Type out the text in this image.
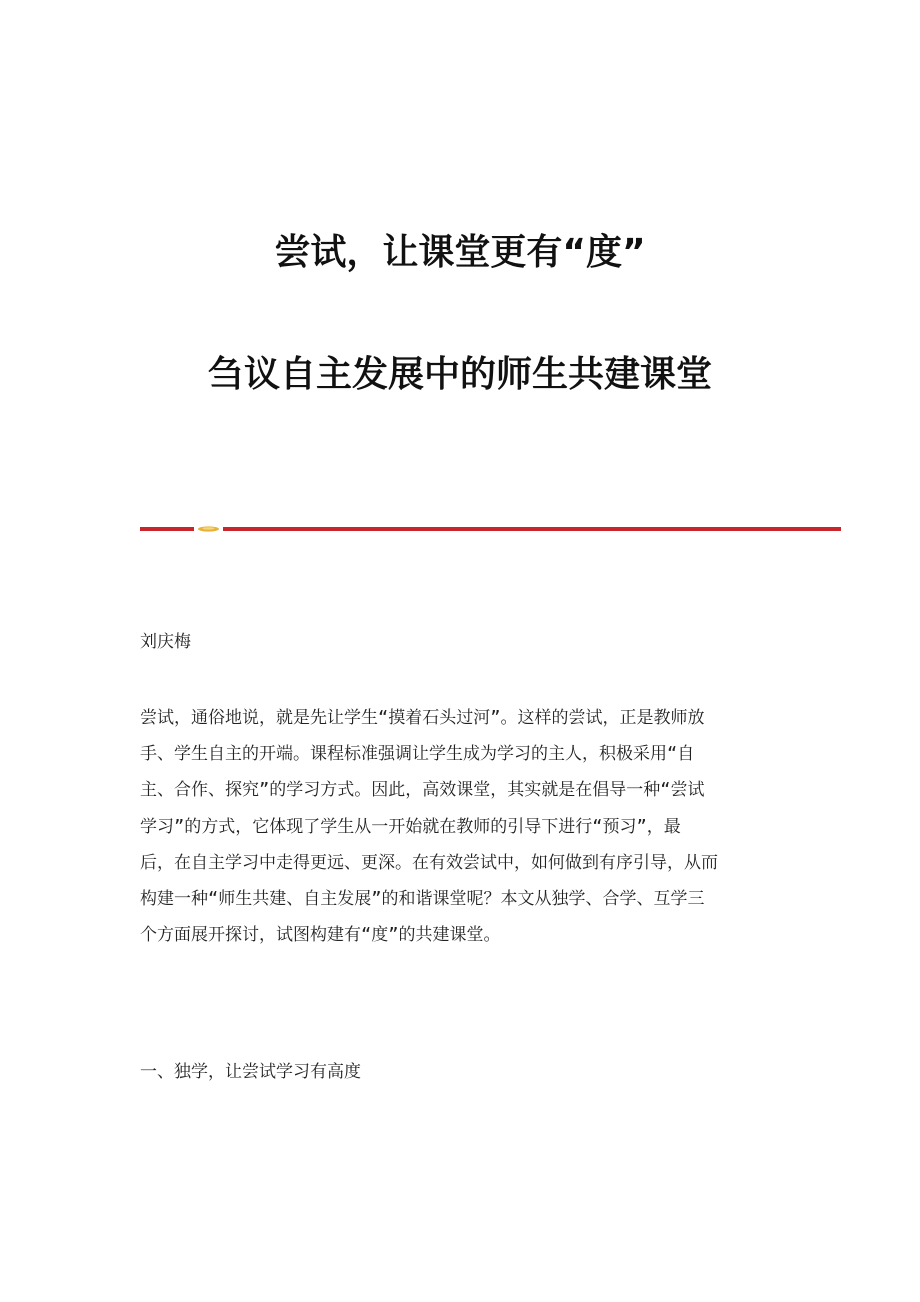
尝试，让课堂更有“度”
刍议自主发展中的师生共建课堂

刘庆梅

尝试，通俗地说，就是先让学生“摸着石头过河”。这样的尝试，正是教师放
手、学生自主的开端。课程标准强调让学生成为学习的主人，积极采用“自
主、合作、探究”的学习方式。因此，高效课堂，其实就是在倡导一种“尝试
学习”的方式，它体现了学生从一开始就在教师的引导下进行“预习”，最
后，在自主学习中走得更远、更深。在有效尝试中，如何做到有序引导，从而
构建一种“师生共建、自主发展”的和谐课堂呢？本文从独学、合学、互学三
个方面展开探讨，试图构建有“度”的共建课堂。

一、独学，让尝试学习有高度
